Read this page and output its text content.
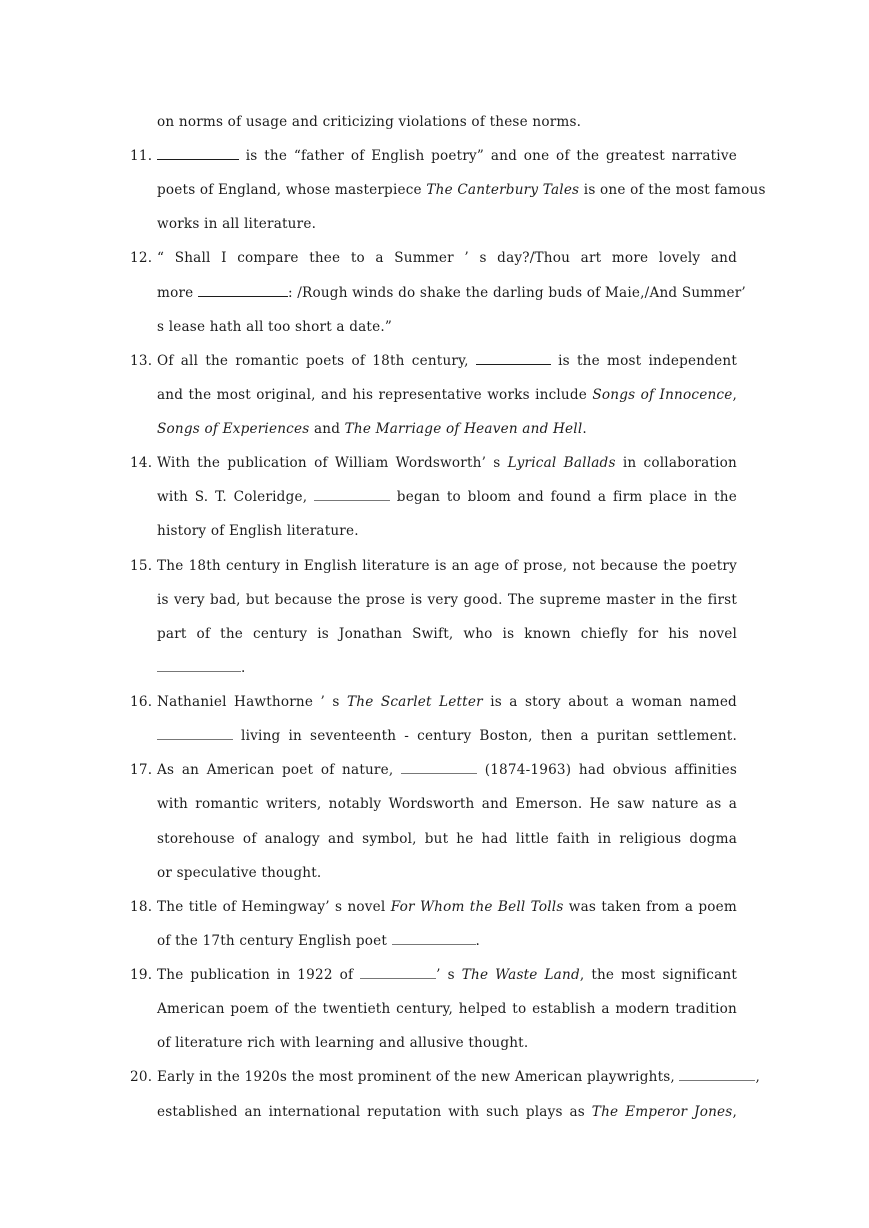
on norms of usage and criticizing violations of these norms.
11.	is the “father of English poetry” and one of the greatest narrative
poets of England, whose masterpiece The Canterbury Tales is one of the most famous
works in all literature.
12. “ Shall I compare thee to a Summer ’ s day?/Thou art more lovely and
more	: /Rough winds do shake the darling buds of Maie,/And Summer’
s lease hath all too short a date.”
13. Of all the romantic poets of 18th century,	is the most independent
and the most original, and his representative works include Songs of Innocence,
Songs of Experiences and The Marriage of Heaven and Hell.
14. With the publication of William Wordsworth’ s Lyrical Ballads in collaboration
with S. T. Coleridge,	began to bloom and found a firm place in the
history of English literature.
15. The 18th century in English literature is an age of prose, not because the poetry
is very bad, but because the prose is very good. The supreme master in the first
part of the century is Jonathan Swift, who is known chiefly for his novel
.
16. Nathaniel Hawthorne ’ s The Scarlet Letter is a story about a woman named
living in seventeenth - century Boston, then a puritan settlement.
17. As an American poet of nature,	(1874-1963) had obvious affinities
with romantic writers, notably Wordsworth and Emerson. He saw nature as a
storehouse of analogy and symbol, but he had little faith in religious dogma
or speculative thought.
18. The title of Hemingway’ s novel For Whom the Bell Tolls was taken from a poem
of the 17th century English poet	.
19. The publication in 1922 of	’ s The Waste Land, the most significant
American poem of the twentieth century, helped to establish a modern tradition
of literature rich with learning and allusive thought.
20. Early in the 1920s the most prominent of the new American playwrights,	,
established an international reputation with such plays as The Emperor Jones,
